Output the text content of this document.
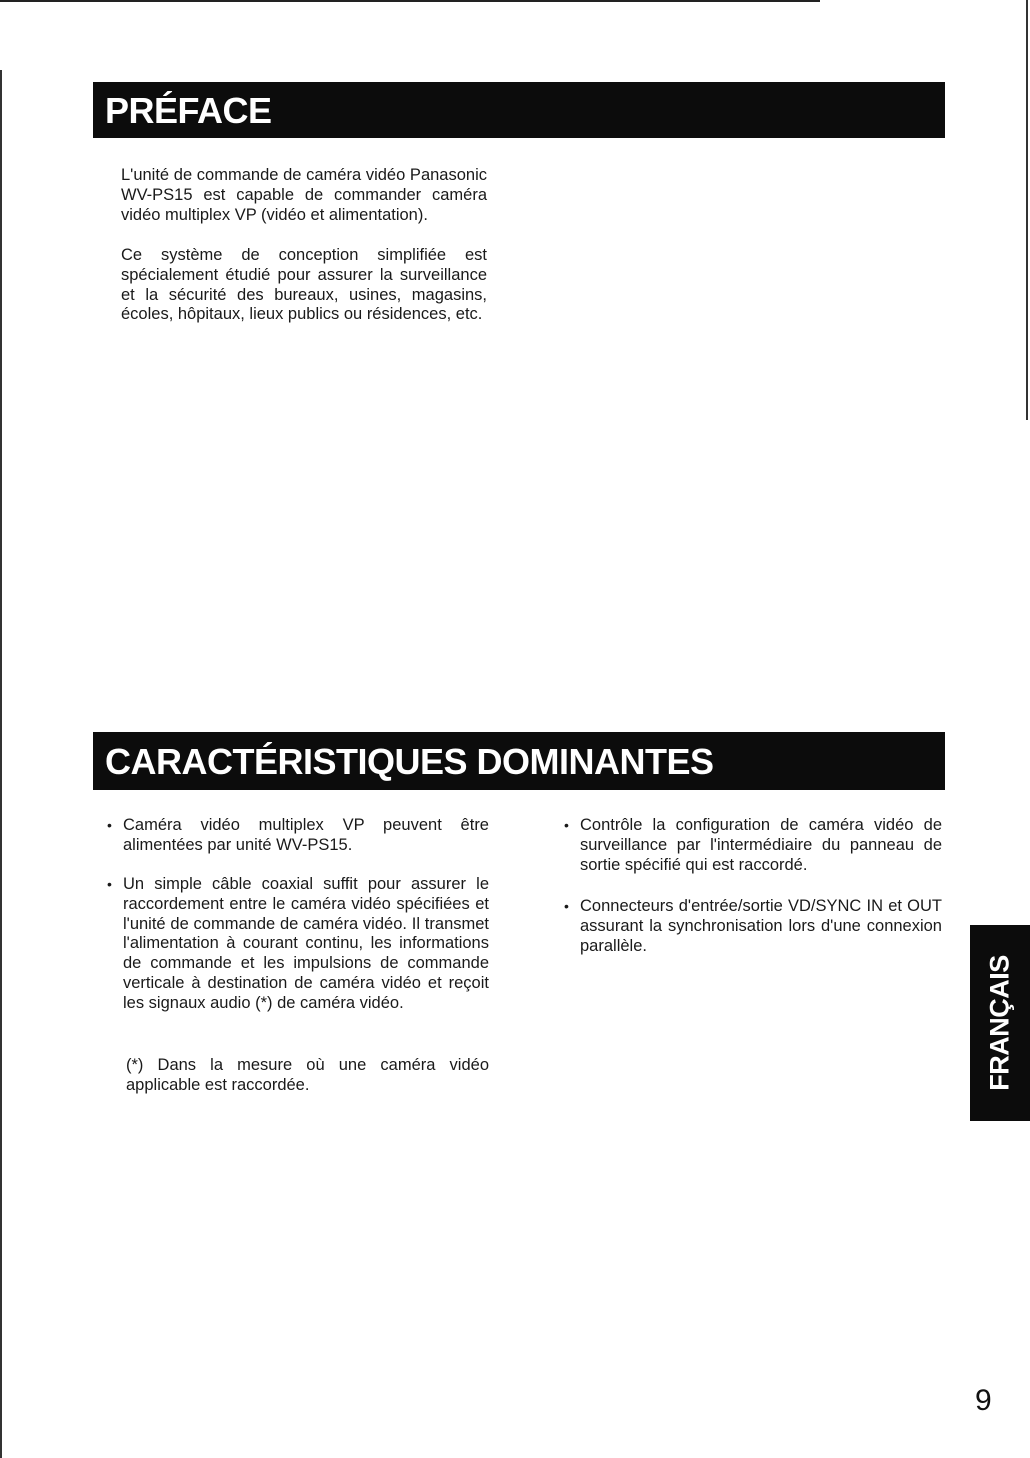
PRÉFACE
L'unité de commande de caméra vidéo Panasonic WV-PS15 est capable de commander caméra vidéo multiplex VP (vidéo et alimentation).
Ce système de conception simplifiée est spécialement étudié pour assurer la surveillance et la sécurité des bureaux, usines, magasins, écoles, hôpitaux, lieux publics ou résidences, etc.
CARACTÉRISTIQUES DOMINANTES
• Caméra vidéo multiplex VP peuvent être alimentées par unité WV-PS15.
• Un simple câble coaxial suffit pour assurer le raccordement entre le caméra vidéo spécifiées et l'unité de commande de caméra vidéo. Il transmet l'alimentation à courant continu, les informations de commande et les impulsions de commande verticale à destination de caméra vidéo et reçoit les signaux audio (*) de caméra vidéo.
(*) Dans la mesure où une caméra vidéo applicable est raccordée.
• Contrôle la configuration de caméra vidéo de surveillance par l'intermédiaire du panneau de sortie spécifié qui est raccordé.
• Connecteurs d'entrée/sortie VD/SYNC IN et OUT assurant la synchronisation lors d'une connexion parallèle.
FRANÇAIS
9
